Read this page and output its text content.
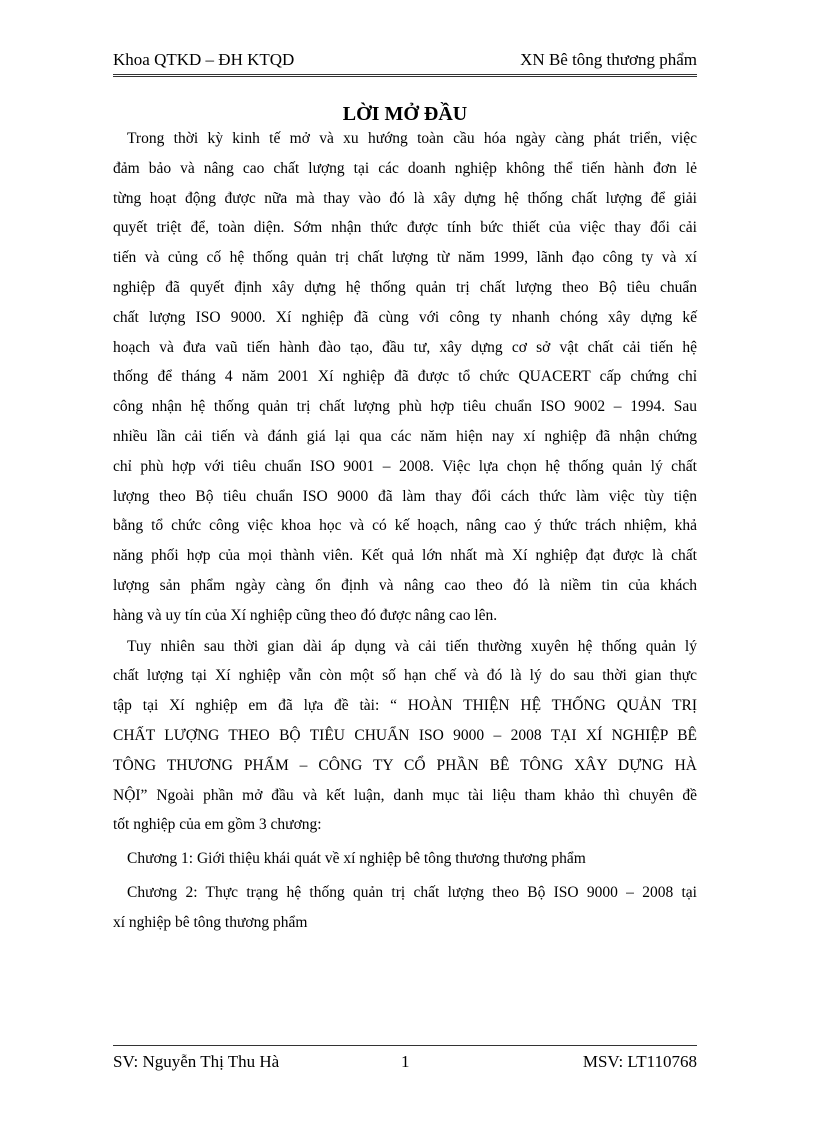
Khoa QTKD – ĐH KTQD	XN Bê tông thương phẩm
LỜI MỞ ĐẦU
Trong thời kỳ kinh tế mở và xu hướng toàn cầu hóa ngày càng phát triển, việc
đảm bảo và nâng cao chất lượng tại các doanh nghiệp không thể tiến hành đơn lẻ
từng hoạt động được nữa mà thay vào đó là xây dựng hệ thống chất lượng để giải
quyết triệt để, toàn diện. Sớm nhận thức được tính bức thiết của việc thay đổi cải
tiến và củng cố hệ thống quản trị chất lượng từ năm 1999, lãnh đạo công ty và xí
nghiệp đã quyết định xây dựng hệ thống quản trị chất lượng theo Bộ tiêu chuẩn
chất lượng ISO 9000. Xí nghiệp đã cùng với công ty nhanh chóng xây dựng kế
hoạch và đưa vaũ tiến hành đào tạo, đầu tư, xây dựng cơ sở vật chất cải tiến hệ
thống để tháng 4 năm 2001 Xí nghiệp đã được tổ chức QUACERT cấp chứng chỉ
công nhận hệ thống quản trị chất lượng phù hợp tiêu chuẩn ISO 9002 – 1994. Sau
nhiều lần cải tiến và đánh giá lại qua các năm hiện nay xí nghiệp đã nhận chứng
chỉ phù hợp với tiêu chuẩn ISO 9001 – 2008. Việc lựa chọn hệ thống quản lý chất
lượng theo Bộ tiêu chuẩn ISO 9000 đã làm thay đổi cách thức làm việc tùy tiện
bằng tổ chức công việc khoa học và có kế hoạch, nâng cao ý thức trách nhiệm, khả
năng phối hợp của mọi thành viên. Kết quả lớn nhất mà Xí nghiệp đạt được là chất
lượng sản phẩm ngày càng ổn định và nâng cao theo đó là niềm tin của khách
hàng và uy tín của Xí nghiệp cũng theo đó được nâng cao lên.
Tuy nhiên sau thời gian dài áp dụng và cải tiến thường xuyên hệ thống quản lý
chất lượng tại Xí nghiệp vẫn còn một số hạn chế và đó là lý do sau thời gian thực
tập tại Xí nghiệp em đã lựa đề tài: “ HOÀN THIỆN HỆ THỐNG QUẢN TRỊ
CHẤT LƯỢNG THEO BỘ TIÊU CHUẨN ISO 9000 – 2008 TẠI XÍ NGHIỆP BÊ
TÔNG THƯƠNG PHẨM – CÔNG TY CỔ PHẦN BÊ TÔNG XÂY DỰNG HÀ
NỘI” Ngoài phần mở đầu và kết luận, danh mục tài liệu tham khảo thì chuyên đề
tốt nghiệp của em gồm 3 chương:
Chương 1: Giới thiệu khái quát về xí nghiệp bê tông thương thương phẩm
Chương 2: Thực trạng hệ thống quản trị chất lượng theo Bộ ISO 9000 – 2008 tại
xí nghiệp bê tông thương phẩm
SV: Nguyễn Thị Thu Hà	1	MSV: LT110768
